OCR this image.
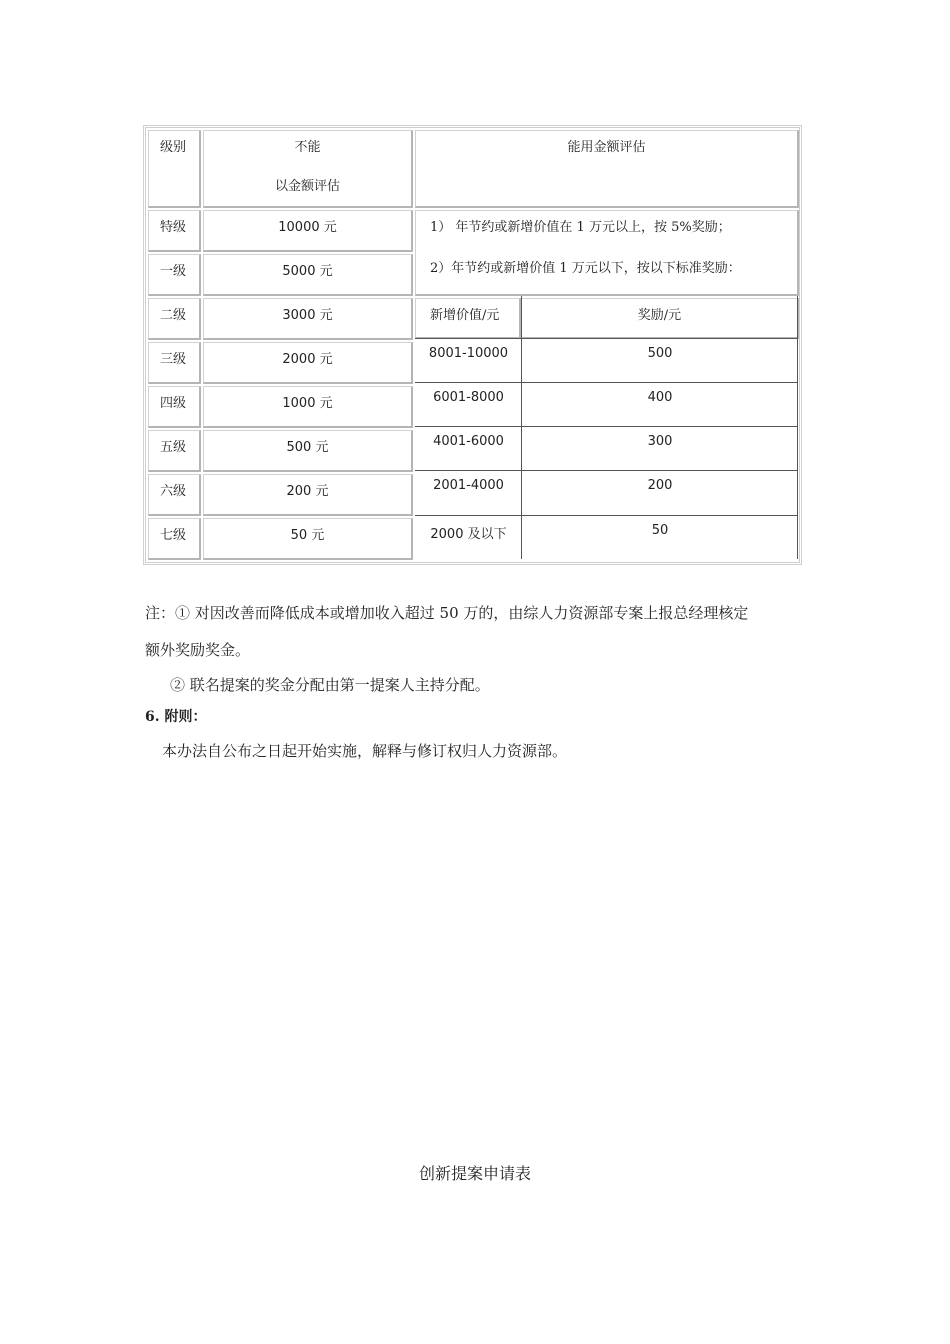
级别	不能
以金额评估
能用金额评估
1） 年节约或新增价值在 1 万元以上，按 5%奖励；
2）年节约或新增价值 1 万元以下，按以下标准奖励：
新增价值/元	奖励/元
特级	10000 元
一级	5000 元
二级	3000 元
三级	2000 元
四级	1000 元
五级	500 元
六级	200 元
七级	50 元
8001-10000	500
6001-8000	400
4001-6000	300
2001-4000	200
2000 及以下	50
注：① 对因改善而降低成本或增加收入超过 50 万的，由综人力资源部专案上报总经理核定
额外奖励奖金。
② 联名提案的奖金分配由第一提案人主持分配。
6. 附则：
本办法自公布之日起开始实施，解释与修订权归人力资源部。
创新提案申请表
